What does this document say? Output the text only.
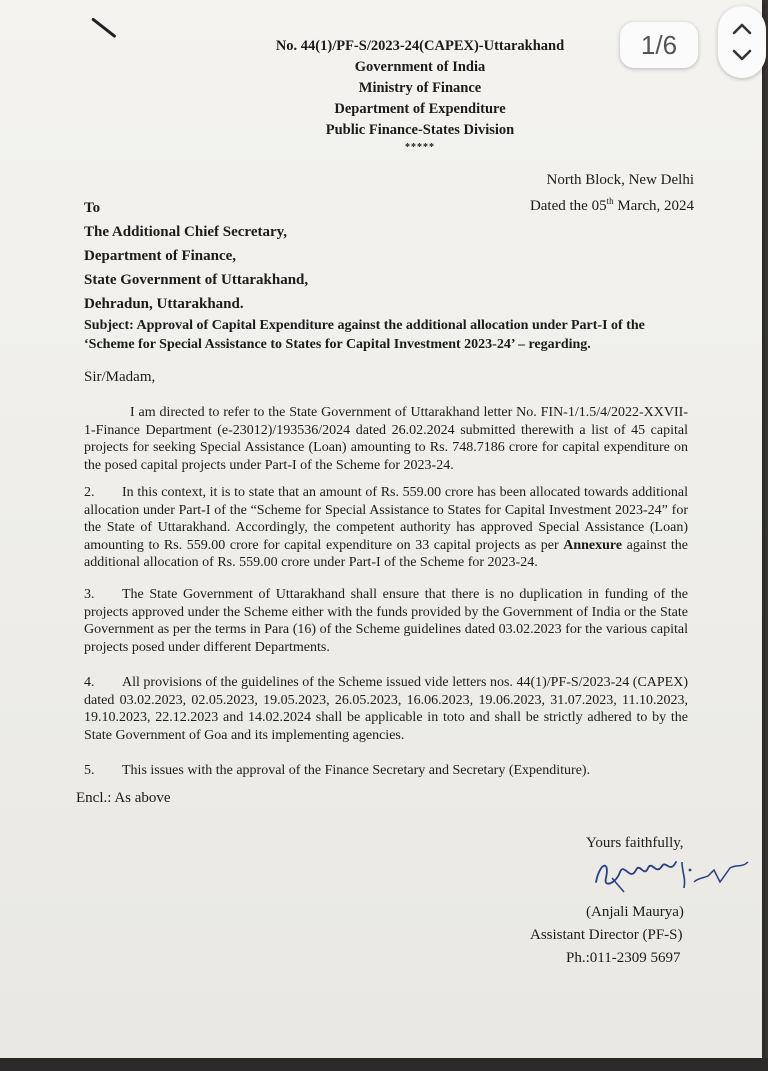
No. 44(1)/PF-S/2023-24(CAPEX)-Uttarakhand
Government of India
Ministry of Finance
Department of Expenditure
Public Finance-States Division
*****
North Block, New Delhi
Dated the 05th March, 2024
To
The Additional Chief Secretary,
Department of Finance,
State Government of Uttarakhand,
Dehradun, Uttarakhand.
Subject: Approval of Capital Expenditure against the additional allocation under Part-I of the ‘Scheme for Special Assistance to States for Capital Investment 2023-24’ – regarding.
Sir/Madam,
I am directed to refer to the State Government of Uttarakhand letter No. FIN-1/1.5/4/2022-XXVII-1-Finance Department (e-23012)/193536/2024 dated 26.02.2024 submitted therewith a list of 45 capital projects for seeking Special Assistance (Loan) amounting to Rs. 748.7186 crore for capital expenditure on the posed capital projects under Part-I of the Scheme for 2023-24.
2. In this context, it is to state that an amount of Rs. 559.00 crore has been allocated towards additional allocation under Part-I of the “Scheme for Special Assistance to States for Capital Investment 2023-24” for the State of Uttarakhand. Accordingly, the competent authority has approved Special Assistance (Loan) amounting to Rs. 559.00 crore for capital expenditure on 33 capital projects as per Annexure against the additional allocation of Rs. 559.00 crore under Part-I of the Scheme for 2023-24.
3. The State Government of Uttarakhand shall ensure that there is no duplication in funding of the projects approved under the Scheme either with the funds provided by the Government of India or the State Government as per the terms in Para (16) of the Scheme guidelines dated 03.02.2023 for the various capital projects posed under different Departments.
4. All provisions of the guidelines of the Scheme issued vide letters nos. 44(1)/PF-S/2023-24 (CAPEX) dated 03.02.2023, 02.05.2023, 19.05.2023, 26.05.2023, 16.06.2023, 19.06.2023, 31.07.2023, 11.10.2023, 19.10.2023, 22.12.2023 and 14.02.2024 shall be applicable in toto and shall be strictly adhered to by the State Government of Goa and its implementing agencies.
5. This issues with the approval of the Finance Secretary and Secretary (Expenditure).
Encl.: As above
Yours faithfully,
(Anjali Maurya)
Assistant Director (PF-S)
Ph.:011-2309 5697
1/6
